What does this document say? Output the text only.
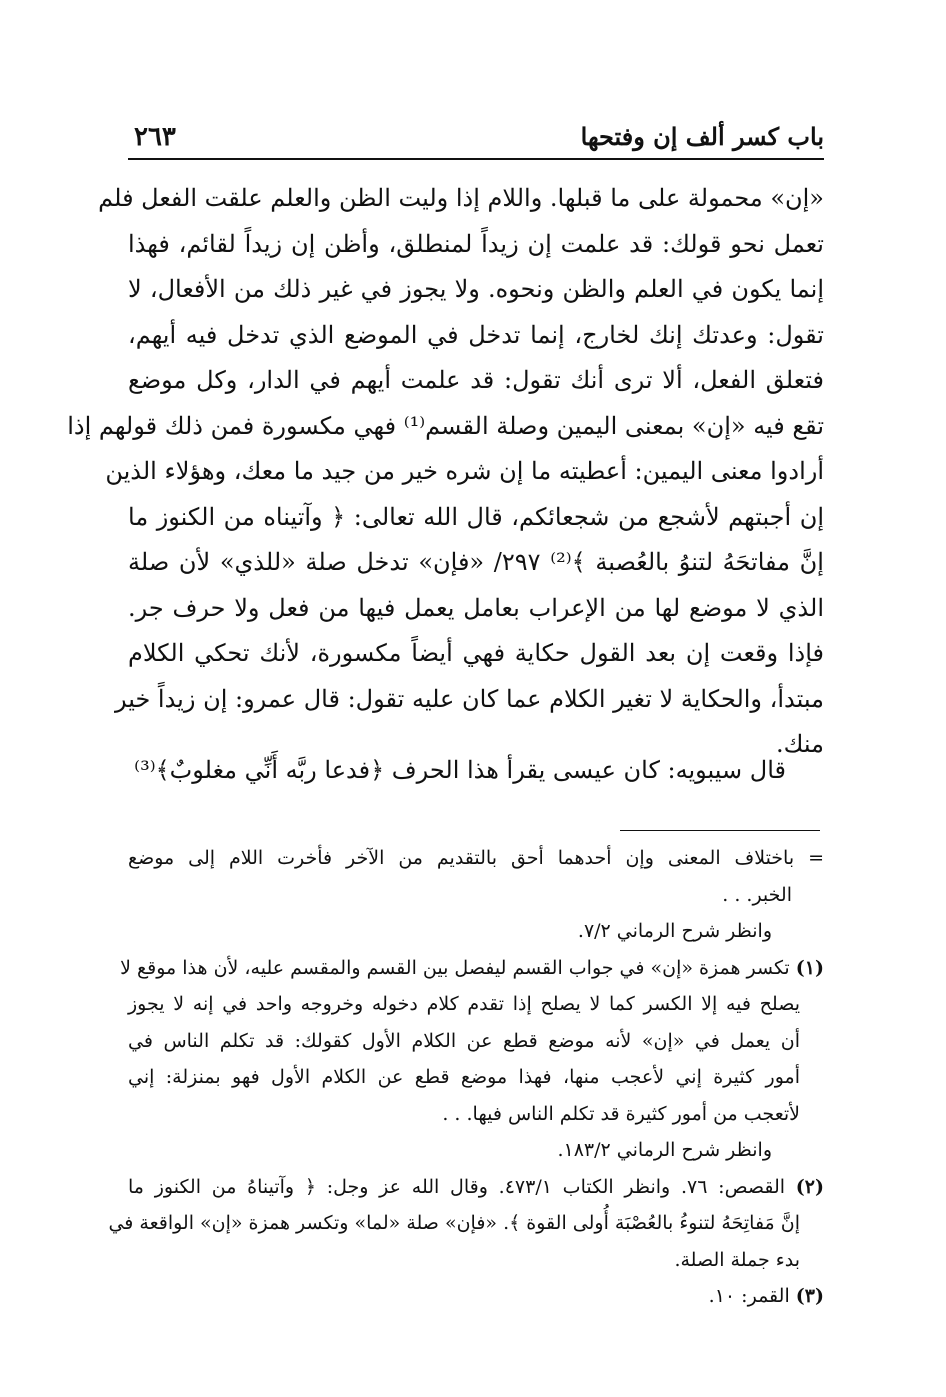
باب كسر ألف إن وفتحها
٢٦٣
«إن» محمولة على ما قبلها. واللام إذا وليت الظن والعلم علقت الفعل فلم
تعمل نحو قولك: قد علمت إن زيداً لمنطلق، وأظن إن زيداً لقائم، فهذا
إنما يكون في العلم والظن ونحوه. ولا يجوز في غير ذلك من الأفعال، لا
تقول: وعدتك إنك لخارج، إنما تدخل في الموضع الذي تدخل فيه أيهم،
فتعلق الفعل، ألا ترى أنك تقول: قد علمت أيهم في الدار، وكل موضع
تقع فيه «إن» بمعنى اليمين وصلة القسم⁽¹⁾ فهي مكسورة فمن ذلك قولهم إذا
أرادوا معنى اليمين: أعطيته ما إن شره خير من جيد ما معك، وهؤلاء الذين
إن أجبتهم لأشجع من شجعائكم، قال الله تعالى: ﴿ وآتيناه من الكنوز ما
إنَّ مفاتحَهُ لتنوُ بالعُصبة ﴾⁽²⁾ ٢٩٧/ «فإن» تدخل صلة «للذي» لأن صلة
الذي لا موضع لها من الإعراب بعامل يعمل فيها من فعل ولا حرف جر.
فإذا وقعت إن بعد القول حكاية فهي أيضاً مكسورة، لأنك تحكي الكلام
مبتدأ، والحكاية لا تغير الكلام عما كان عليه تقول: قال عمرو: إن زيداً خير
منك.
قال سيبويه: كان عيسى يقرأ هذا الحرف ﴿فدعا ربَّه أَنِّي مغلوبٌ﴾⁽³⁾
= باختلاف المعنى وإن أحدهما أحق بالتقديم من الآخر فأخرت اللام إلى موضع
الخبر. . .
وانظر شرح الرماني ٧/٢.
(١) تكسر همزة «إن» في جواب القسم ليفصل بين القسم والمقسم عليه، لأن هذا موقع لا
يصلح فيه إلا الكسر كما لا يصلح إذا تقدم كلام دخوله وخروجه واحد في إنه لا يجوز
أن يعمل في «إن» لأنه موضع قطع عن الكلام الأول كقولك: قد تكلم الناس في
أمور كثيرة إني لأعجب منها، فهذا موضع قطع عن الكلام الأول فهو بمنزلة: إني
لأتعجب من أمور كثيرة قد تكلم الناس فيها. . .
وانظر شرح الرماني ١٨٣/٢.
(٢) القصص: ٧٦. وانظر الكتاب ٤٧٣/١. وقال الله عز وجل: ﴿ وآتيناهُ من الكنوز ما
إنَّ مَفاتِحَهُ لتنوءُ بالعُصْبَة أُولى القوة ﴾. «فإن» صلة «لما» وتكسر همزة «إن» الواقعة في
بدء جملة الصلة.
(٣) القمر: ١٠.
